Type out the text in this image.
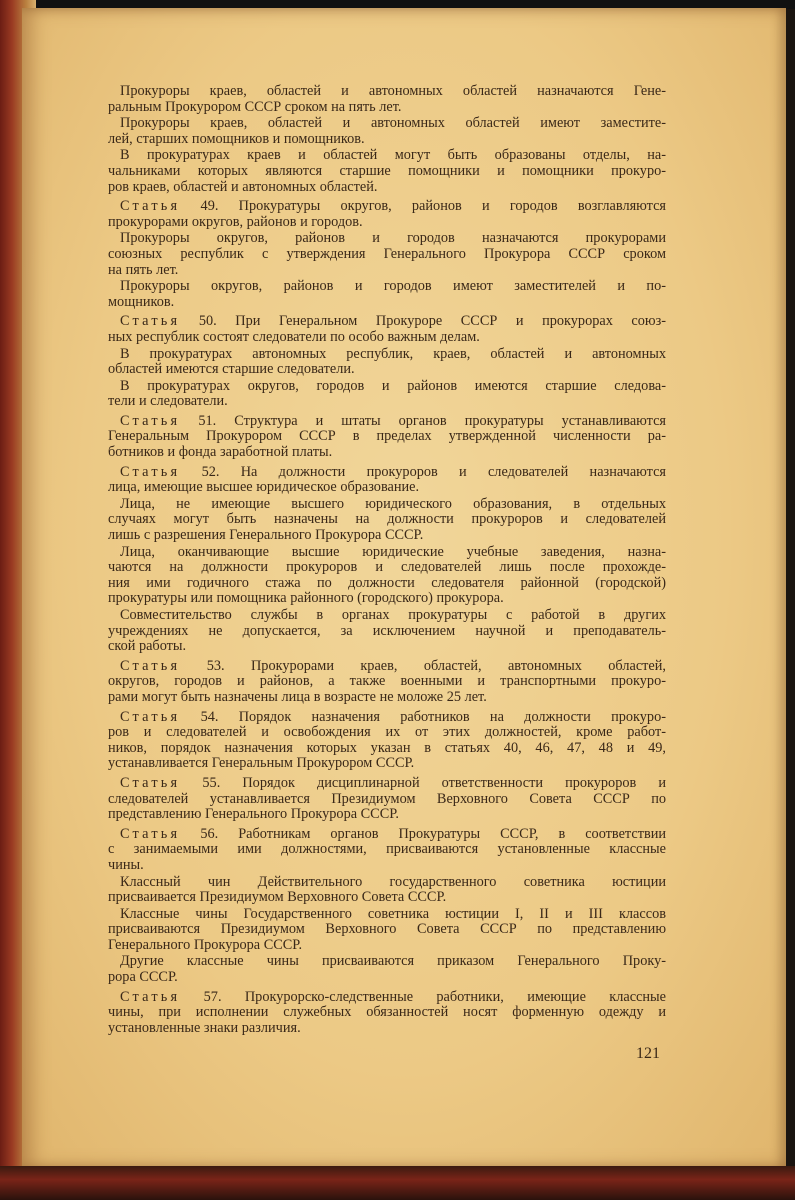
Прокуроры краев, областей и автономных областей назначаются Гене-
ральным Прокурором СССР сроком на пять лет.
Прокуроры краев, областей и автономных областей имеют заместите-
лей, старших помощников и помощников.
В прокуратурах краев и областей могут быть образованы отделы, на-
чальниками которых являются старшие помощники и помощники прокуро-
ров краев, областей и автономных областей.
Статья 49. Прокуратуры округов, районов и городов возглавляются
прокурорами округов, районов и городов.
Прокуроры округов, районов и городов назначаются прокурорами
союзных республик с утверждения Генерального Прокурора СССР сроком
на пять лет.
Прокуроры округов, районов и городов имеют заместителей и по-
мощников.
Статья 50. При Генеральном Прокуроре СССР и прокурорах союз-
ных республик состоят следователи по особо важным делам.
В прокуратурах автономных республик, краев, областей и автономных
областей имеются старшие следователи.
В прокуратурах округов, городов и районов имеются старшие следова-
тели и следователи.
Статья 51. Структура и штаты органов прокуратуры устанавливаются
Генеральным Прокурором СССР в пределах утвержденной численности ра-
ботников и фонда заработной платы.
Статья 52. На должности прокуроров и следователей назначаются
лица, имеющие высшее юридическое образование.
Лица, не имеющие высшего юридического образования, в отдельных
случаях могут быть назначены на должности прокуроров и следователей
лишь с разрешения Генерального Прокурора СССР.
Лица, оканчивающие высшие юридические учебные заведения, назна-
чаются на должности прокуроров и следователей лишь после прохожде-
ния ими годичного стажа по должности следователя районной (городской)
прокуратуры или помощника районного (городского) прокурора.
Совместительство службы в органах прокуратуры с работой в других
учреждениях не допускается, за исключением научной и преподаватель-
ской работы.
Статья 53. Прокурорами краев, областей, автономных областей,
округов, городов и районов, а также военными и транспортными прокуро-
рами могут быть назначены лица в возрасте не моложе 25 лет.
Статья 54. Порядок назначения работников на должности прокуро-
ров и следователей и освобождения их от этих должностей, кроме работ-
ников, порядок назначения которых указан в статьях 40, 46, 47, 48 и 49,
устанавливается Генеральным Прокурором СССР.
Статья 55. Порядок дисциплинарной ответственности прокуроров и
следователей устанавливается Президиумом Верховного Совета СССР по
представлению Генерального Прокурора СССР.
Статья 56. Работникам органов Прокуратуры СССР, в соответствии
с занимаемыми ими должностями, присваиваются установленные классные
чины.
Классный чин Действительного государственного советника юстиции
присваивается Президиумом Верховного Совета СССР.
Классные чины Государственного советника юстиции I, II и III классов
присваиваются Президиумом Верховного Совета СССР по представлению
Генерального Прокурора СССР.
Другие классные чины присваиваются приказом Генерального Проку-
рора СССР.
Статья 57. Прокурорско-следственные работники, имеющие классные
чины, при исполнении служебных обязанностей носят форменную одежду и
установленные знаки различия.
121
